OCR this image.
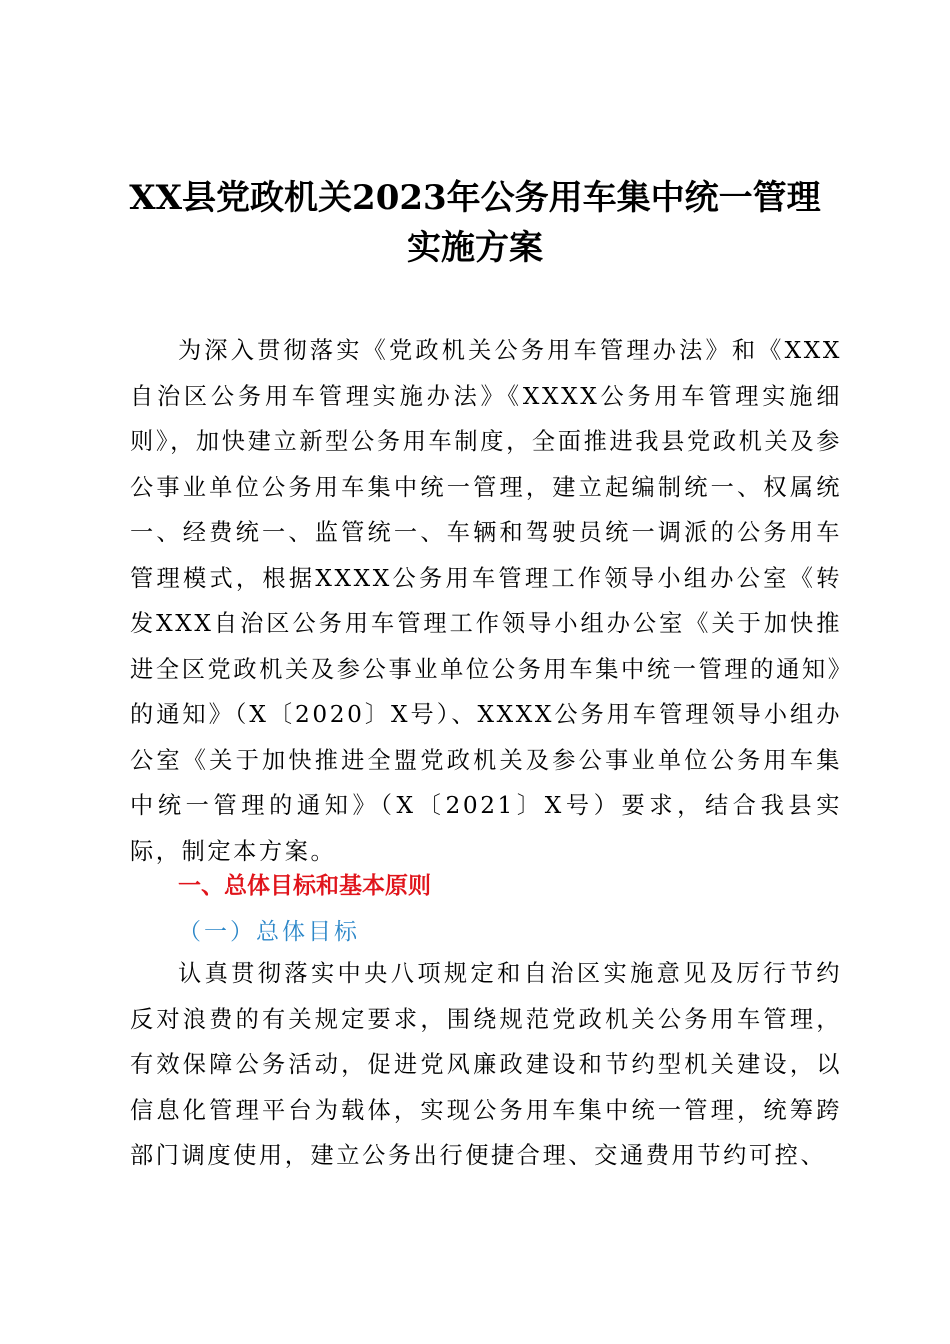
XX县党政机关2023年公务用车集中统一管理
实施方案
为深入贯彻落实《党政机关公务用车管理办法》和《XXX自治区公务用车管理实施办法》《XXXX公务用车管理实施细则》，加快建立新型公务用车制度，全面推进我县党政机关及参公事业单位公务用车集中统一管理，建立起编制统一、权属统一、经费统一、监管统一、车辆和驾驶员统一调派的公务用车管理模式，根据XXXX公务用车管理工作领导小组办公室《转发XXX自治区公务用车管理工作领导小组办公室《关于加快推进全区党政机关及参公事业单位公务用车集中统一管理的通知》的通知》（X〔2020〕X号）、XXXX公务用车管理领导小组办公室《关于加快推进全盟党政机关及参公事业单位公务用车集中统一管理的通知》（X〔2021〕X号）要求，结合我县实际，制定本方案。
一、总体目标和基本原则
（一）总体目标
认真贯彻落实中央八项规定和自治区实施意见及厉行节约反对浪费的有关规定要求，围绕规范党政机关公务用车管理，有效保障公务活动，促进党风廉政建设和节约型机关建设，以信息化管理平台为载体，实现公务用车集中统一管理，统筹跨部门调度使用，建立公务出行便捷合理、交通费用节约可控、
